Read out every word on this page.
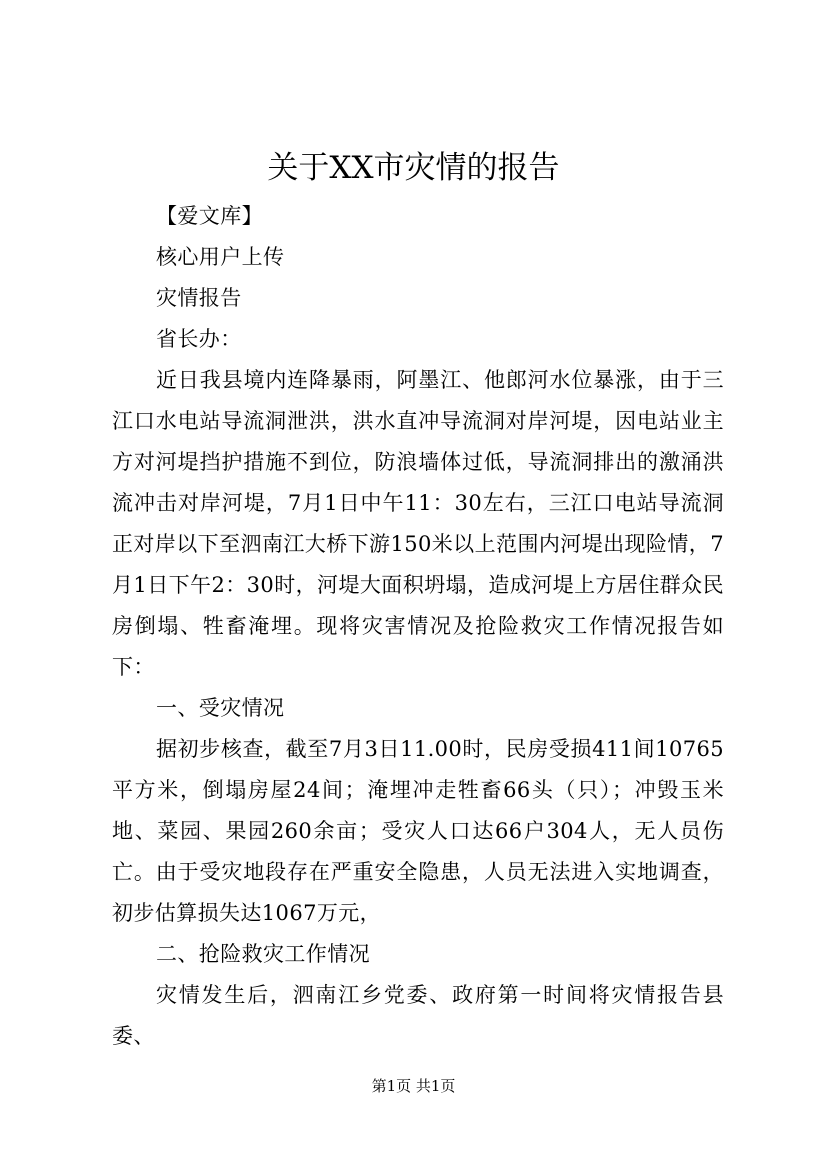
关于XX市灾情的报告

【爱文库】

核心用户上传

灾情报告

省长办：

近日我县境内连降暴雨，阿墨江、他郎河水位暴涨，由于三江口水电站导流洞泄洪，洪水直冲导流洞对岸河堤，因电站业主方对河堤挡护措施不到位，防浪墙体过低，导流洞排出的激涌洪流冲击对岸河堤，7月1日中午11：30左右，三江口电站导流洞正对岸以下至泗南江大桥下游150米以上范围内河堤出现险情，7月1日下午2：30时，河堤大面积坍塌，造成河堤上方居住群众民房倒塌、牲畜淹埋。现将灾害情况及抢险救灾工作情况报告如下：

一、受灾情况

据初步核查，截至7月3日11.00时，民房受损411间10765平方米，倒塌房屋24间；淹埋冲走牲畜66头（只）；冲毁玉米地、菜园、果园260余亩；受灾人口达66户304人，无人员伤亡。由于受灾地段存在严重安全隐患，人员无法进入实地调查，初步估算损失达1067万元，

二、抢险救灾工作情况

灾情发生后，泗南江乡党委、政府第一时间将灾情报告县委、

第1页 共1页
